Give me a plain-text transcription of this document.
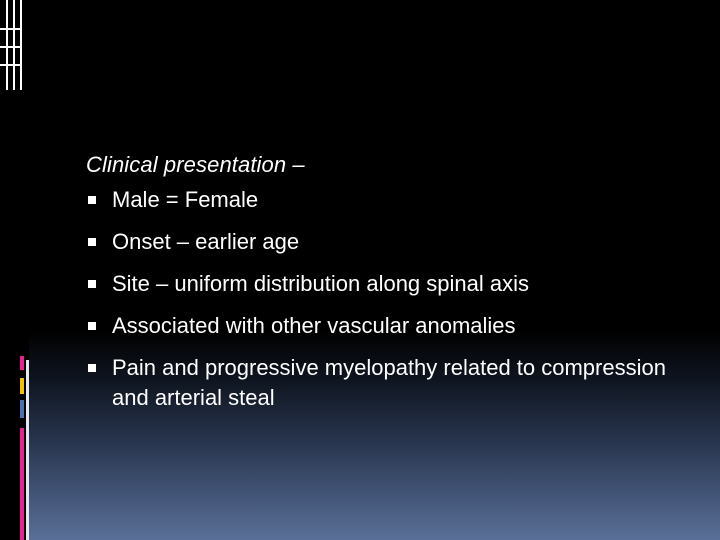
Clinical presentation –
Male = Female
Onset – earlier age
Site – uniform distribution along spinal axis
Associated with other vascular anomalies
Pain and progressive myelopathy related to compression and arterial steal
